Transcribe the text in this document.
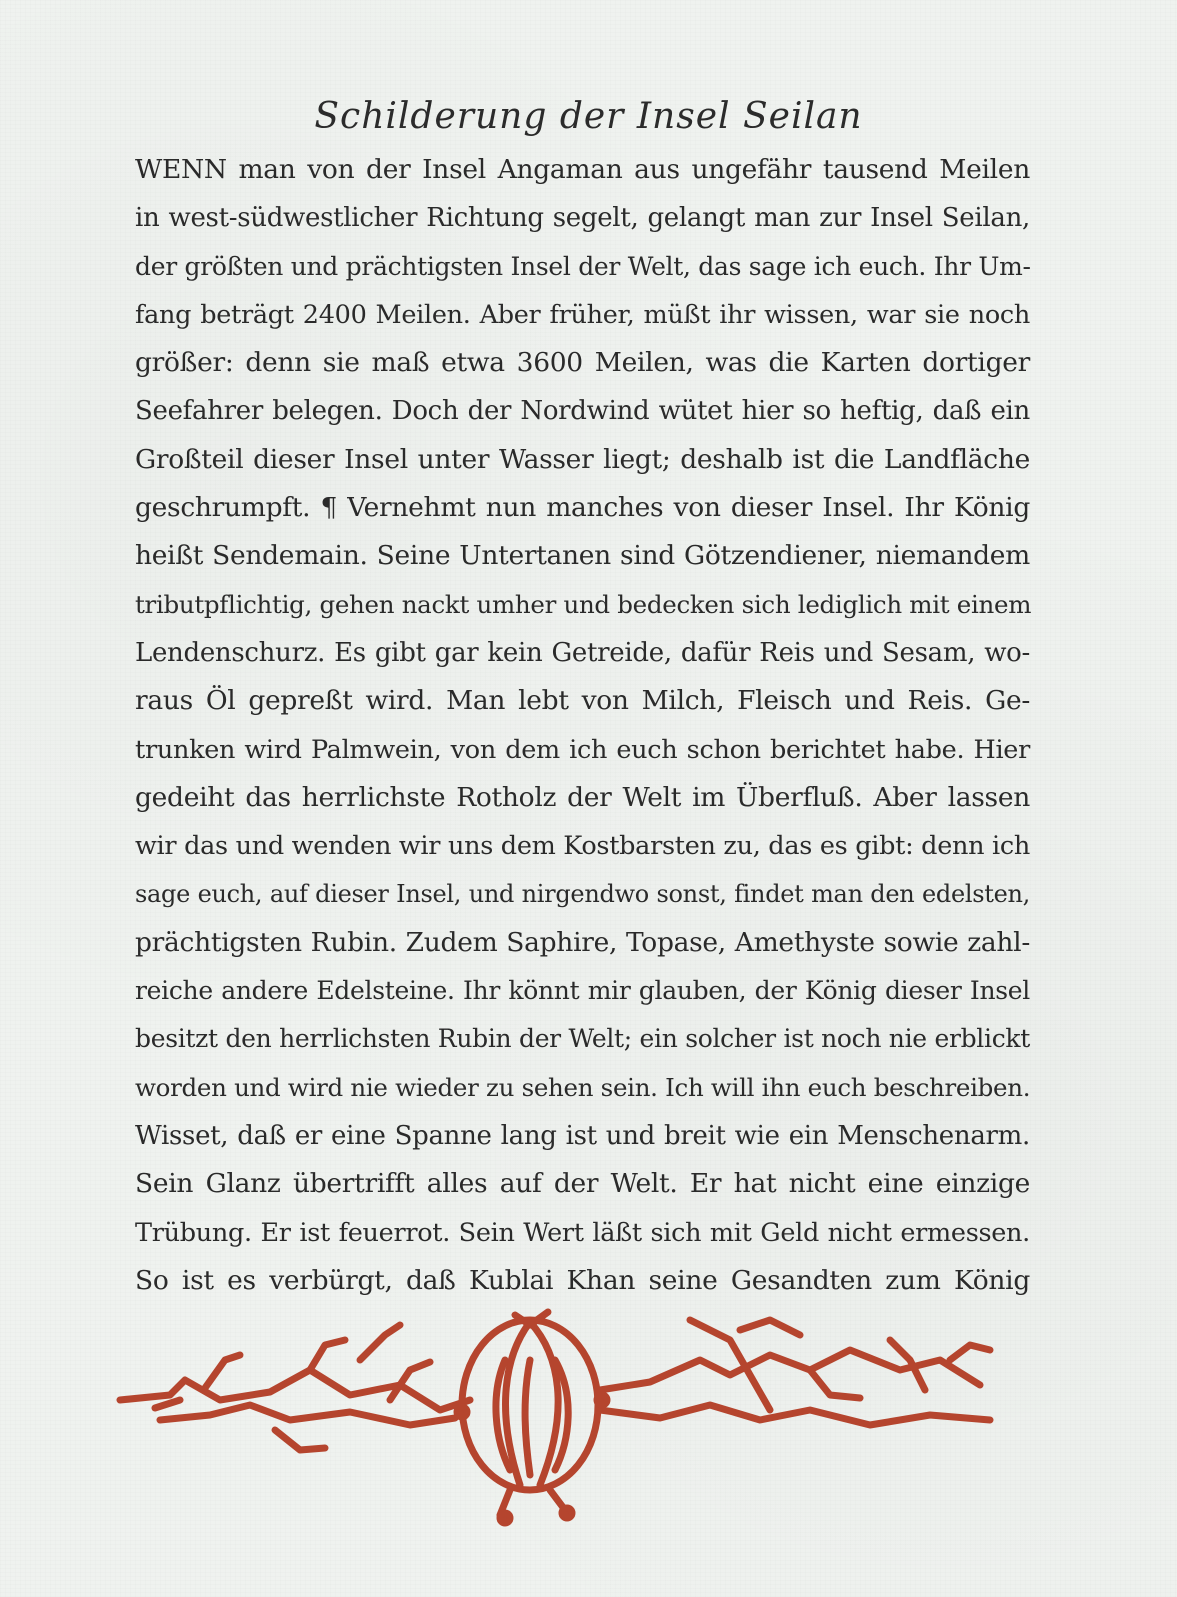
Schilderung der Insel Seilan
WENN man von der Insel Angaman aus ungefähr tausend Meilen
in west-südwestlicher Richtung segelt, gelangt man zur Insel Seilan,
der größten und prächtigsten Insel der Welt, das sage ich euch. Ihr Um-
fang beträgt 2400 Meilen. Aber früher, müßt ihr wissen, war sie noch
größer: denn sie maß etwa 3600 Meilen, was die Karten dortiger
Seefahrer belegen. Doch der Nordwind wütet hier so heftig, daß ein
Großteil dieser Insel unter Wasser liegt; deshalb ist die Landfläche
geschrumpft. ¶ Vernehmt nun manches von dieser Insel. Ihr König
heißt Sendemain. Seine Untertanen sind Götzendiener, niemandem
tributpflichtig, gehen nackt umher und bedecken sich lediglich mit einem
Lendenschurz. Es gibt gar kein Getreide, dafür Reis und Sesam, wo-
raus Öl gepreßt wird. Man lebt von Milch, Fleisch und Reis. Ge-
trunken wird Palmwein, von dem ich euch schon berichtet habe. Hier
gedeiht das herrlichste Rotholz der Welt im Überfluß. Aber lassen
wir das und wenden wir uns dem Kostbarsten zu, das es gibt: denn ich
sage euch, auf dieser Insel, und nirgendwo sonst, findet man den edelsten,
prächtigsten Rubin. Zudem Saphire, Topase, Amethyste sowie zahl-
reiche andere Edelsteine. Ihr könnt mir glauben, der König dieser Insel
besitzt den herrlichsten Rubin der Welt; ein solcher ist noch nie erblickt
worden und wird nie wieder zu sehen sein. Ich will ihn euch beschreiben.
Wisset, daß er eine Spanne lang ist und breit wie ein Menschenarm.
Sein Glanz übertrifft alles auf der Welt. Er hat nicht eine einzige
Trübung. Er ist feuerrot. Sein Wert läßt sich mit Geld nicht ermessen.
So ist es verbürgt, daß Kublai Khan seine Gesandten zum König
